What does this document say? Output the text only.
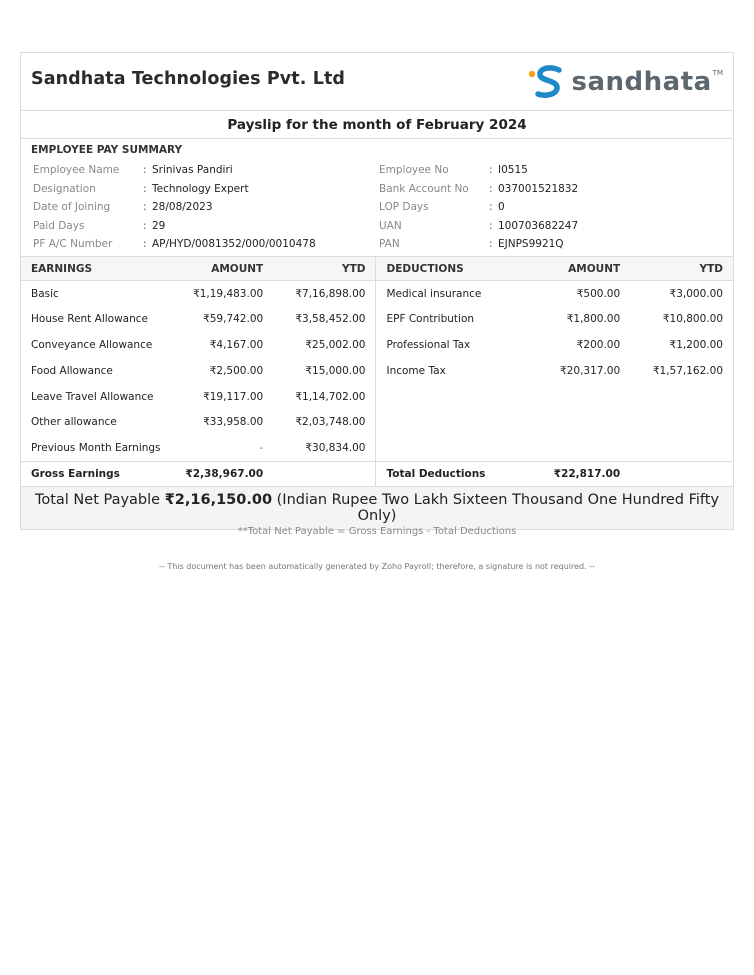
Sandhata Technologies Pvt. Ltd	sandhata TM
Payslip for the month of February 2024
EMPLOYEE PAY SUMMARY
Employee Name	: Srinivas Pandiri
Designation	: Technology Expert
Date of Joining	: 28/08/2023
Paid Days	: 29
PF A/C Number	: AP/HYD/0081352/000/0010478
Employee No	: I0515
Bank Account No	: 037001521832
LOP Days	: 0
UAN	: 100703682247
PAN	: EJNPS9921Q
EARNINGS	AMOUNT	YTD	DEDUCTIONS	AMOUNT	YTD
Basic	₹1,19,483.00	₹7,16,898.00	Medical insurance	₹500.00	₹3,000.00
House Rent Allowance	₹59,742.00	₹3,58,452.00	EPF Contribution	₹1,800.00	₹10,800.00
Conveyance Allowance	₹4,167.00	₹25,002.00	Professional Tax	₹200.00	₹1,200.00
Food Allowance	₹2,500.00	₹15,000.00	Income Tax	₹20,317.00	₹1,57,162.00
Leave Travel Allowance	₹19,117.00	₹1,14,702.00			
Other allowance	₹33,958.00	₹2,03,748.00			
Previous Month Earnings	-	₹30,834.00			
Gross Earnings	₹2,38,967.00		Total Deductions	₹22,817.00	
Total Net Payable ₹2,16,150.00 (Indian Rupee Two Lakh Sixteen Thousand One Hundred Fifty Only)
**Total Net Payable = Gross Earnings - Total Deductions
-- This document has been automatically generated by Zoho Payroll; therefore, a signature is not required. --
